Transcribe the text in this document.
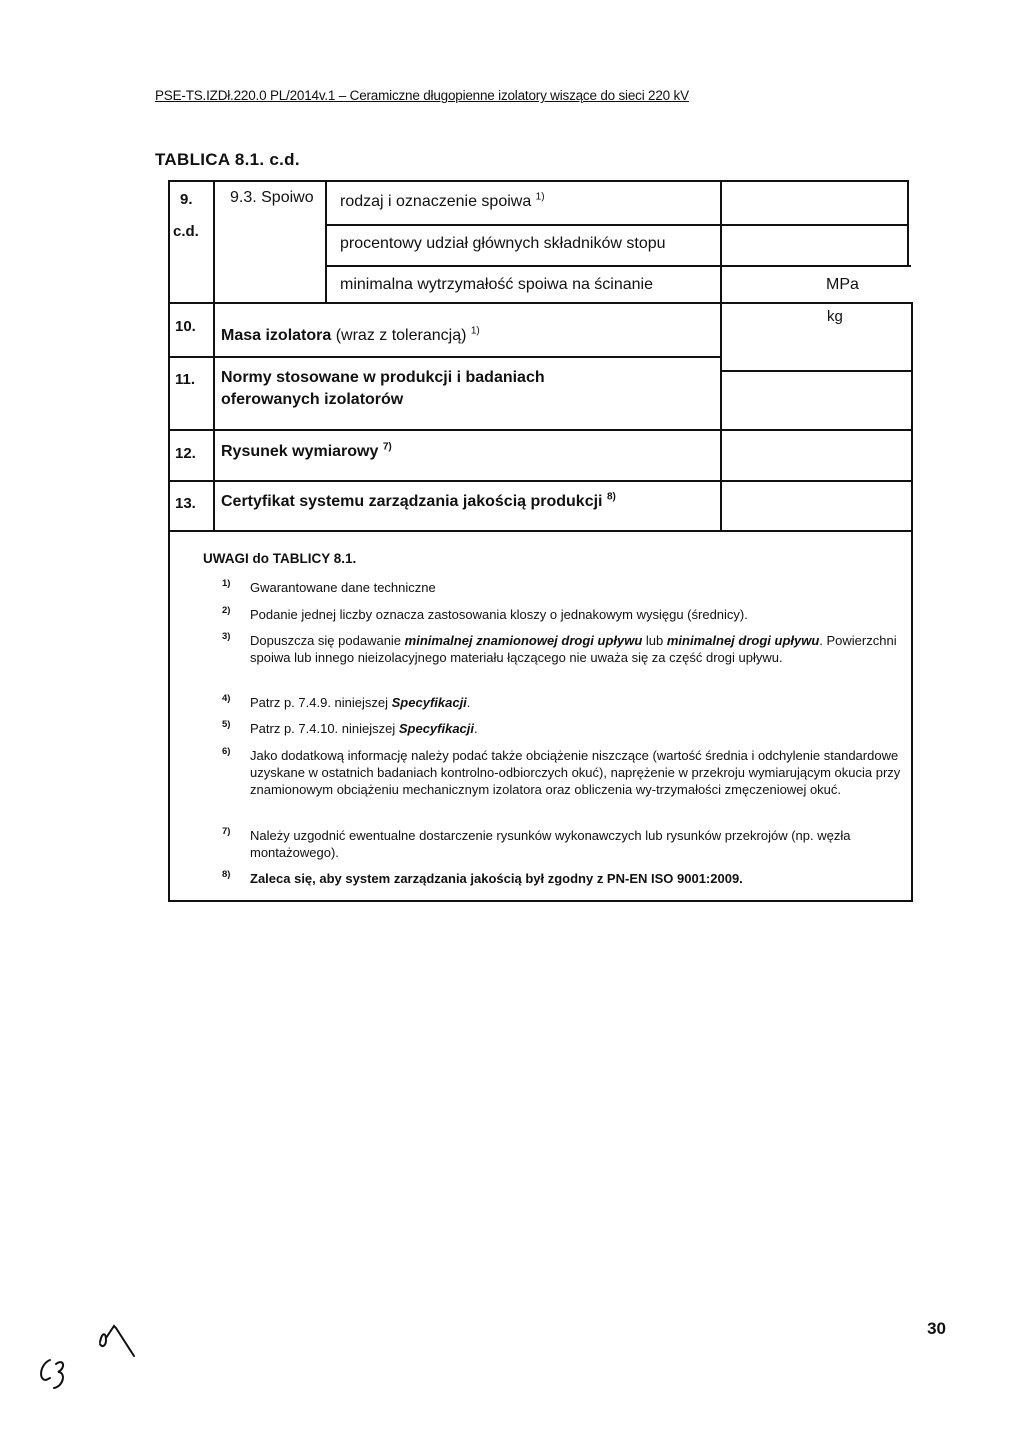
PSE-TS.IZDł.220.0 PL/2014v.1 – Ceramiczne długopienne izolatory wiszące do sieci 220 kV
TABLICA 8.1. c.d.
9.
c.d.
9.3. Spoiwo rodzaj i oznaczenie spoiwa $^{1)}$
procentowy udział głównych składników stopu
minimalna wytrzymałość spoiwa na ścinanie	MPa
10.
Masa izolatora (wraz z tolerancją) $^{1)}$
kg
11. Normy stosowane w produkcji i badaniach
oferowanych izolatorów
12. Rysunek wymiarowy $^{7)}$
13. Certyfikat systemu zarządzania jakością produkcji $^{8)}$
UWAGI do TABLICY 8.1.
1) Gwarantowane dane techniczne
2) Podanie jednej liczby oznacza zastosowania kloszy o jednakowym wysięgu (średnicy).
3) Dopuszcza się podawanie minimalnej znamionowej drogi upływu lub minimalnej drogi upływu. Powierzchni spoiwa lub innego nieizolacyjnego materiału łączącego nie uważa się za część drogi upływu.
4) Patrz p. 7.4.9. niniejszej Specyfikacji.
5) Patrz p. 7.4.10. niniejszej Specyfikacji.
6) Jako dodatkową informację należy podać także obciążenie niszczące (wartość średnia i odchylenie standardowe uzyskane w ostatnich badaniach kontrolno-odbiorczych okuć), naprężenie w przekroju wymiarującym okucia przy znamionowym obciążeniu mechanicznym izolatora oraz obliczenia wy-trzymałości zmęczeniowej okuć.
7) Należy uzgodnić ewentualne dostarczenie rysunków wykonawczych lub rysunków przekrojów (np. węzła montażowego).
8) Zaleca się, aby system zarządzania jakością był zgodny z PN-EN ISO 9001:2009.
30
